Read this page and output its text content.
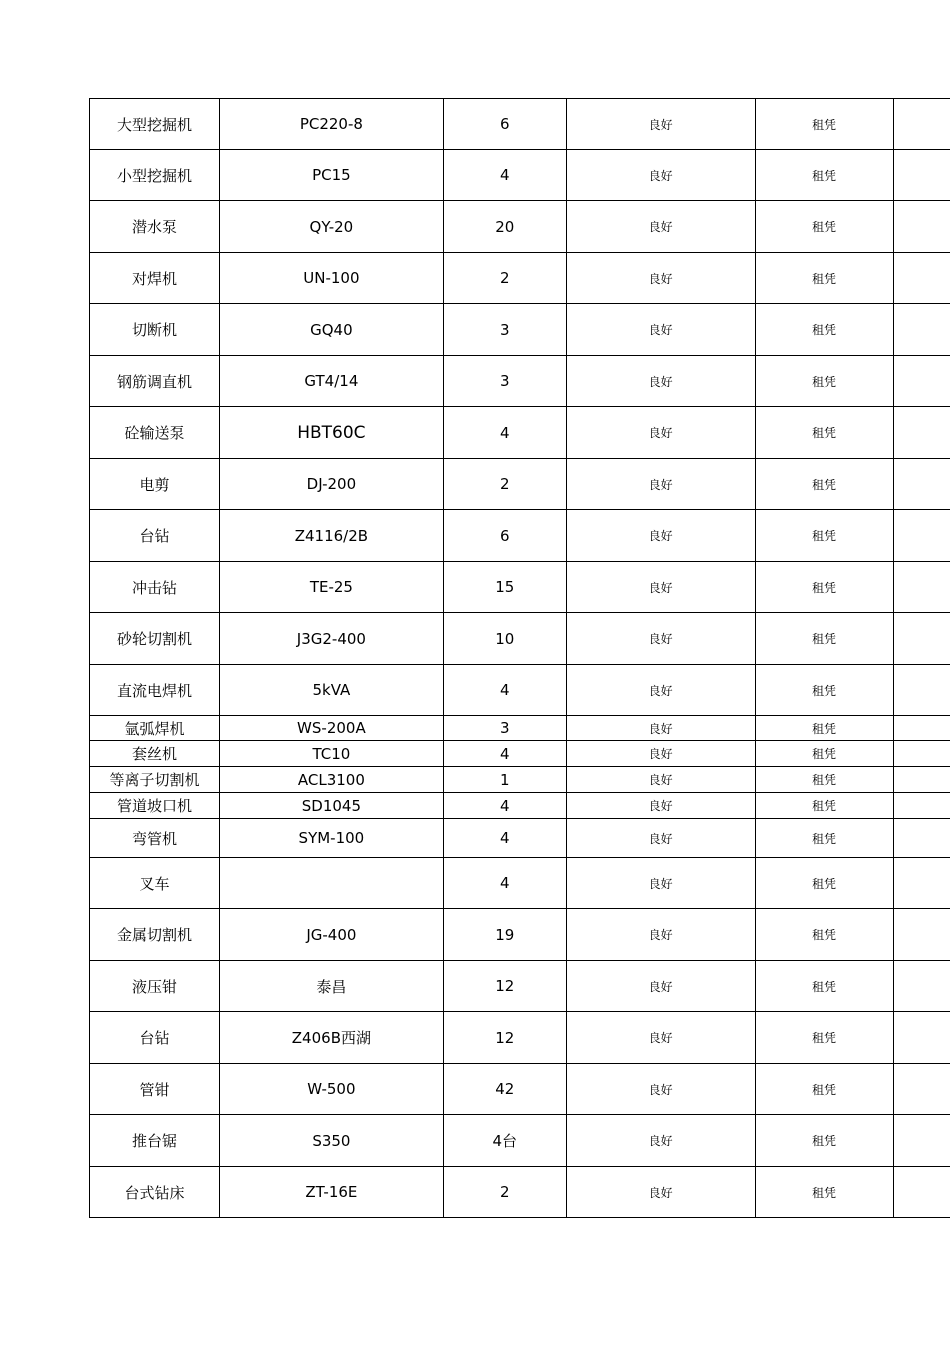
大型挖掘机	PC220-8	6	良好	租凭	
小型挖掘机	PC15	4	良好	租凭	
潜水泵	QY-20	20	良好	租凭	
对焊机	UN-100	2	良好	租凭	
切断机	GQ40	3	良好	租凭	
钢筋调直机	GT4/14	3	良好	租凭	
砼输送泵	HBT60C	4	良好	租凭	
电剪	DJ-200	2	良好	租凭	
台钻	Z4116/2B	6	良好	租凭	
冲击钻	TE-25	15	良好	租凭	
砂轮切割机	J3G2-400	10	良好	租凭	
直流电焊机	5kVA	4	良好	租凭	
氩弧焊机	WS-200A	3	良好	租凭	
套丝机	TC10	4	良好	租凭	
等离子切割机	ACL3100	1	良好	租凭	
管道坡口机	SD1045	4	良好	租凭	
弯管机	SYM-100	4	良好	租凭	
叉车		4	良好	租凭	
金属切割机	JG-400	19	良好	租凭	
液压钳	泰昌	12	良好	租凭	
台钻	Z406B西湖	12	良好	租凭	
管钳	W-500	42	良好	租凭	
推台锯	S350	4台	良好	租凭	
台式钻床	ZT-16E	2	良好	租凭	
